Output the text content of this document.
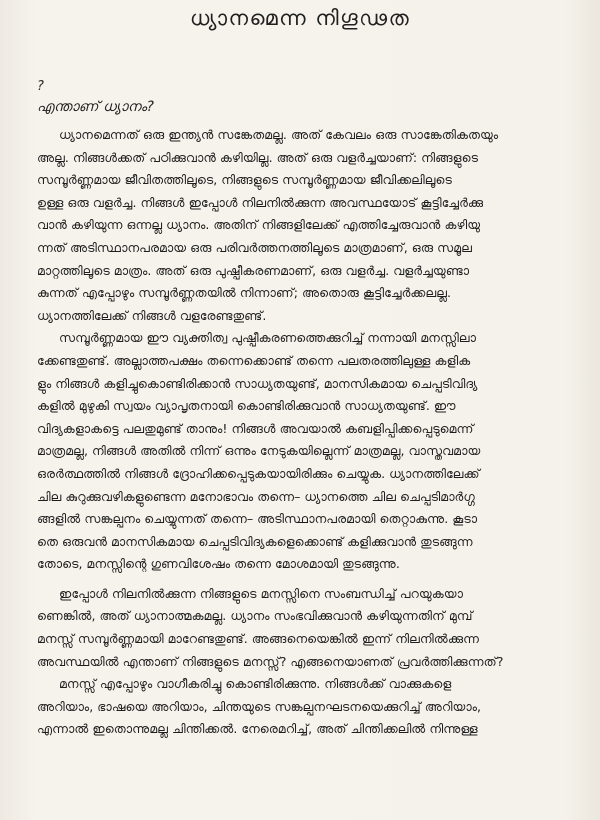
ധ്യാനമെന്ന നിഗൂഢത
?
എന്താണ് ധ്യാനം?
ധ്യാനമെന്നത് ഒരു ഇന്ത്യൻ സങ്കേതമല്ല. അത് കേവലം ഒരു സാങ്കേതികതയും
അല്ല. നിങ്ങൾക്കത് പഠിക്കുവാൻ കഴിയില്ല. അത് ഒരു വളർച്ചയാണ്: നിങ്ങളുടെ
സമ്പൂർണ്ണമായ ജീവിതത്തിലൂടെ, നിങ്ങളുടെ സമ്പൂർണ്ണമായ ജീവിക്കലിലൂടെ
ഉള്ള ഒരു വളർച്ച. നിങ്ങൾ ഇപ്പോൾ നിലനിൽക്കുന്ന അവസ്ഥയോട് കൂട്ടിച്ചേർക്കു
വാൻ കഴിയുന്ന ഒന്നല്ല ധ്യാനം. അതിന് നിങ്ങളിലേക്ക് എത്തിച്ചേരുവാൻ കഴിയു
ന്നത് അടിസ്ഥാനപരമായ ഒരു പരിവർത്തനത്തിലൂടെ മാത്രമാണ്, ഒരു സമൂല
മാറ്റത്തിലൂടെ മാത്രം. അത് ഒരു പുഷ്പീകരണമാണ്, ഒരു വളർച്ച. വളർച്ചയുണ്ടാ
കുന്നത് എപ്പോഴും സമ്പൂർണ്ണതയിൽ നിന്നാണ്; അതൊരു കൂട്ടിച്ചേർക്കലല്ല.
ധ്യാനത്തിലേക്ക് നിങ്ങൾ വളരേണ്ടതുണ്ട്.
സമ്പൂർണ്ണമായ ഈ വ്യക്തിത്വ പുഷ്പീകരണത്തെക്കുറിച്ച് നന്നായി മനസ്സിലാ
ക്കേണ്ടതുണ്ട്. അല്ലാത്തപക്ഷം തന്നെക്കൊണ്ട് തന്നെ പലതരത്തിലുള്ള കളിക
ളും നിങ്ങൾ കളിച്ചുകൊണ്ടിരിക്കാൻ സാധ്യതയുണ്ട്, മാനസികമായ ചെപ്പടിവിദ്യ
കളിൽ മുഴുകി സ്വയം വ്യാപൃതനായി കൊണ്ടിരിക്കുവാൻ സാധ്യതയുണ്ട്. ഈ
വിദ്യകളാകട്ടെ പലതുമുണ്ട് താനും! നിങ്ങൾ അവയാൽ കബളിപ്പിക്കപ്പെടുമെന്ന്
മാത്രമല്ല, നിങ്ങൾ അതിൽ നിന്ന് ഒന്നും നേടുകയില്ലെന്ന് മാത്രമല്ല, വാസ്തവമായ
ഒരർത്ഥത്തിൽ നിങ്ങൾ ദ്രോഹിക്കപ്പെടുകയായിരിക്കും ചെയ്യുക. ധ്യാനത്തിലേക്ക്
ചില കുറുക്കുവഴികളുണ്ടെന്ന മനോഭാവം തന്നെ– ധ്യാനത്തെ ചില ചെപ്പടിമാർഗ്ഗ
ങ്ങളിൽ സങ്കല്പനം ചെയ്യുന്നത് തന്നെ– അടിസ്ഥാനപരമായി തെറ്റാകുന്നു. കൂടാ
തെ ഒരുവൻ മാനസികമായ ചെപ്പടിവിദ്യകളെക്കൊണ്ട് കളിക്കുവാൻ തുടങ്ങുന്ന
തോടെ, മനസ്സിന്റെ ഗുണവിശേഷം തന്നെ മോശമായി തുടങ്ങുന്നു.
ഇപ്പോൾ നിലനിൽക്കുന്ന നിങ്ങളുടെ മനസ്സിനെ സംബന്ധിച്ച് പറയുകയാ
ണെങ്കിൽ, അത് ധ്യാനാത്മകമല്ല. ധ്യാനം സംഭവിക്കുവാൻ കഴിയുന്നതിന് മുമ്പ്
മനസ്സ് സമ്പൂർണ്ണമായി മാറേണ്ടതുണ്ട്. അങ്ങനെയെങ്കിൽ ഇന്ന് നിലനിൽക്കുന്ന
അവസ്ഥയിൽ എന്താണ് നിങ്ങളുടെ മനസ്സ്? എങ്ങനെയാണത് പ്രവർത്തിക്കുന്നത്?
മനസ്സ് എപ്പോഴും വാഗീകരിച്ചു കൊണ്ടിരിക്കുന്നു. നിങ്ങൾക്ക് വാക്കുകളെ
അറിയാം, ഭാഷയെ അറിയാം, ചിന്തയുടെ സങ്കല്പനഘടനയെക്കുറിച്ച് അറിയാം,
എന്നാൽ ഇതൊന്നുമല്ല ചിന്തിക്കൽ. നേരെമറിച്ച്, അത് ചിന്തിക്കലിൽ നിന്നുള്ള
